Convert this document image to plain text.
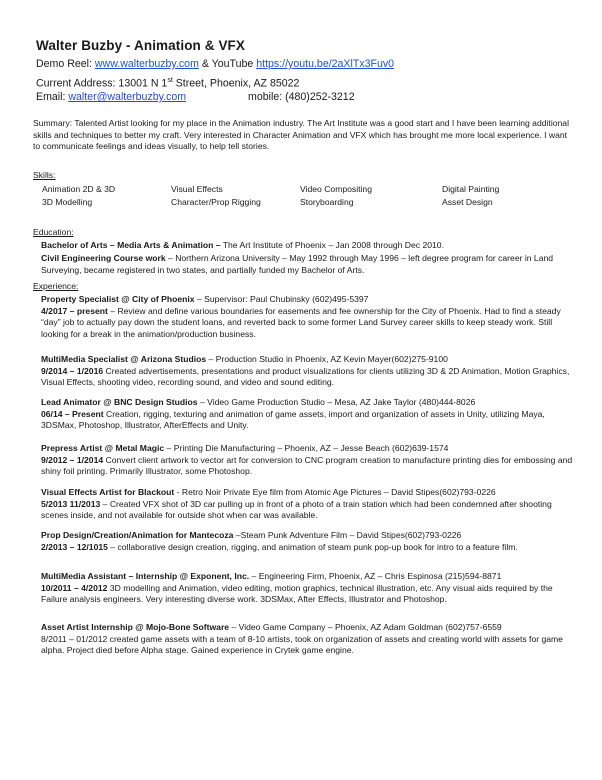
Walter Buzby - Animation & VFX
Demo Reel: www.walterbuzby.com & YouTube https://youtu.be/2aXlTx3Fuv0
Current Address: 13001 N 1st Street, Phoenix, AZ 85022
Email: walter@walterbuzby.com	mobile: (480)252-3212
Summary: Talented Artist looking for my place in the Animation industry. The Art Institute was a good start and I have been learning additional skills and techniques to better my craft. Very interested in Character Animation and VFX which has brought me more local experience. I want to communicate feelings and ideas visually, to help tell stories.
Skills:
Animation 2D & 3D	Visual Effects	Video Compositing	Digital Painting
3D Modelling	Character/Prop Rigging	Storyboarding	Asset Design
Education:
Bachelor of Arts – Media Arts & Animation – The Art Institute of Phoenix – Jan 2008 through Dec 2010.
Civil Engineering Course work – Northern Arizona University – May 1992 through May 1996 – left degree program for career in Land Surveying, became registered in two states, and partially funded my Bachelor of Arts.
Experience:
Property Specialist @ City of Phoenix – Supervisor: Paul Chubinsky (602)495-5397
4/2017 – present – Review and define various boundaries for easements and fee ownership for the City of Phoenix. Had to find a steady “day” job to actually pay down the student loans, and reverted back to some former Land Survey career skills to keep steady work. Still looking for a break in the animation/production business.
MultiMedia Specialist @ Arizona Studios – Production Studio in Phoenix, AZ Kevin Mayer(602)275-9100
9/2014 – 1/2016 Created advertisements, presentations and product visualizations for clients utilizing 3D & 2D Animation, Motion Graphics, Visual Effects, shooting video, recording sound, and video and sound editing.
Lead Animator @ BNC Design Studios – Video Game Production Studio – Mesa, AZ Jake Taylor (480)444-8026
06/14 – Present Creation, rigging, texturing and animation of game assets, import and organization of assets in Unity, utilizing Maya, 3DSMax, Photoshop, Illustrator, AfterEffects and Unity.
Prepress Artist @ Metal Magic – Printing Die Manufacturing – Phoenix, AZ – Jesse Beach (602)639-1574
9/2012 – 1/2014 Convert client artwork to vector art for conversion to CNC program creation to manufacture printing dies for embossing and shiny foil printing. Primarily Illustrator, some Photoshop.
Visual Effects Artist for Blackout - Retro Noir Private Eye film from Atomic Age Pictures – David Stipes(602)793-0226
5/2013 11/2013 – Created VFX shot of 3D car pulling up in front of a photo of a train station which had been condemned after shooting scenes inside, and not available for outside shot when car was available.
Prop Design/Creation/Animation for Mantecoza –Steam Punk Adventure Film – David Stipes(602)793-0226
2/2013 – 12/1015 – collaborative design creation, rigging, and animation of steam punk pop-up book for intro to a feature film.
MultiMedia Assistant – Internship @ Exponent, Inc. – Engineering Firm, Phoenix, AZ – Chris Espinosa (215)594-8871
10/2011 – 4/2012 3D modelling and Animation, video editing, motion graphics, technical illustration, etc. Any visual aids required by the Failure analysis engineers. Very interesting diverse work. 3DSMax, After Effects, Illustrator and Photoshop.
Asset Artist Internship @ Mojo-Bone Software – Video Game Company – Phoenix, AZ Adam Goldman (602)757-6559
8/2011 – 01/2012 created game assets with a team of 8-10 artists, took on organization of assets and creating world with assets for game alpha. Project died before Alpha stage. Gained experience in Crytek game engine.
